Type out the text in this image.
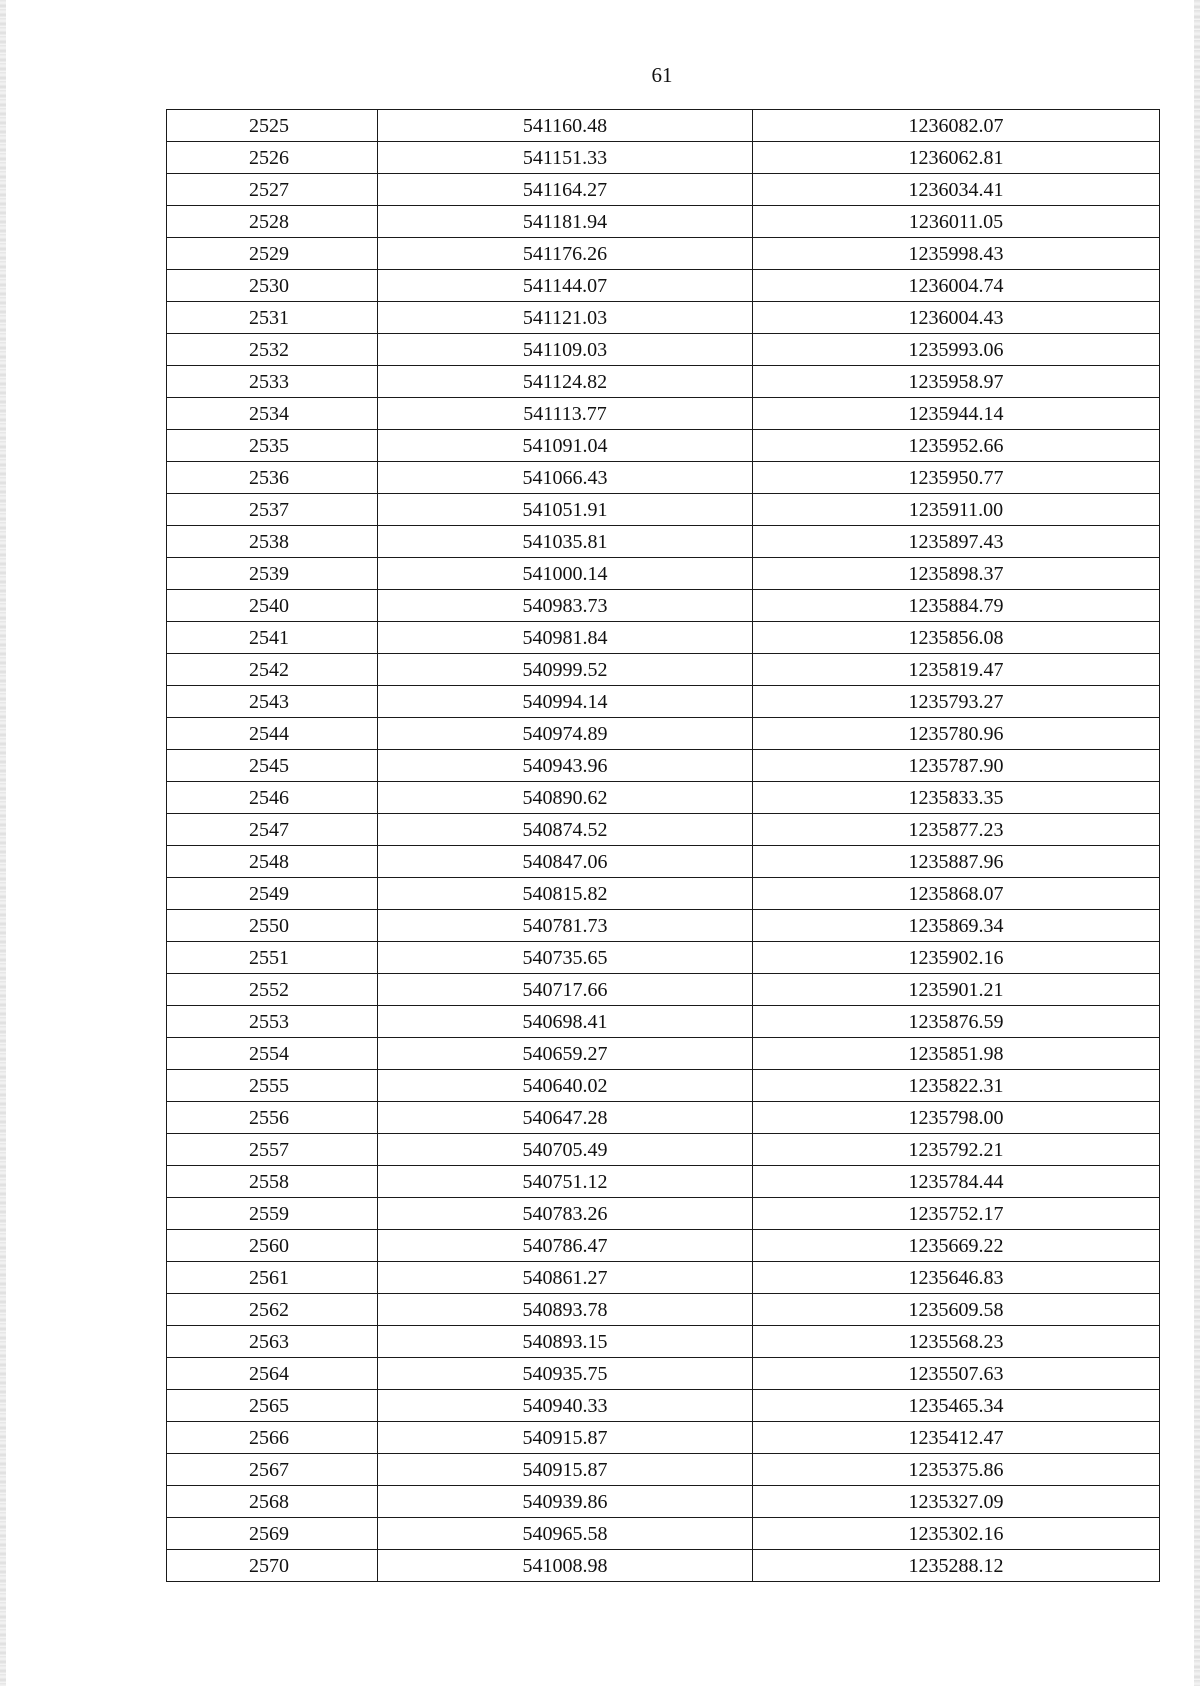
61
2525	541160.48	1236082.07
2526	541151.33	1236062.81
2527	541164.27	1236034.41
2528	541181.94	1236011.05
2529	541176.26	1235998.43
2530	541144.07	1236004.74
2531	541121.03	1236004.43
2532	541109.03	1235993.06
2533	541124.82	1235958.97
2534	541113.77	1235944.14
2535	541091.04	1235952.66
2536	541066.43	1235950.77
2537	541051.91	1235911.00
2538	541035.81	1235897.43
2539	541000.14	1235898.37
2540	540983.73	1235884.79
2541	540981.84	1235856.08
2542	540999.52	1235819.47
2543	540994.14	1235793.27
2544	540974.89	1235780.96
2545	540943.96	1235787.90
2546	540890.62	1235833.35
2547	540874.52	1235877.23
2548	540847.06	1235887.96
2549	540815.82	1235868.07
2550	540781.73	1235869.34
2551	540735.65	1235902.16
2552	540717.66	1235901.21
2553	540698.41	1235876.59
2554	540659.27	1235851.98
2555	540640.02	1235822.31
2556	540647.28	1235798.00
2557	540705.49	1235792.21
2558	540751.12	1235784.44
2559	540783.26	1235752.17
2560	540786.47	1235669.22
2561	540861.27	1235646.83
2562	540893.78	1235609.58
2563	540893.15	1235568.23
2564	540935.75	1235507.63
2565	540940.33	1235465.34
2566	540915.87	1235412.47
2567	540915.87	1235375.86
2568	540939.86	1235327.09
2569	540965.58	1235302.16
2570	541008.98	1235288.12
